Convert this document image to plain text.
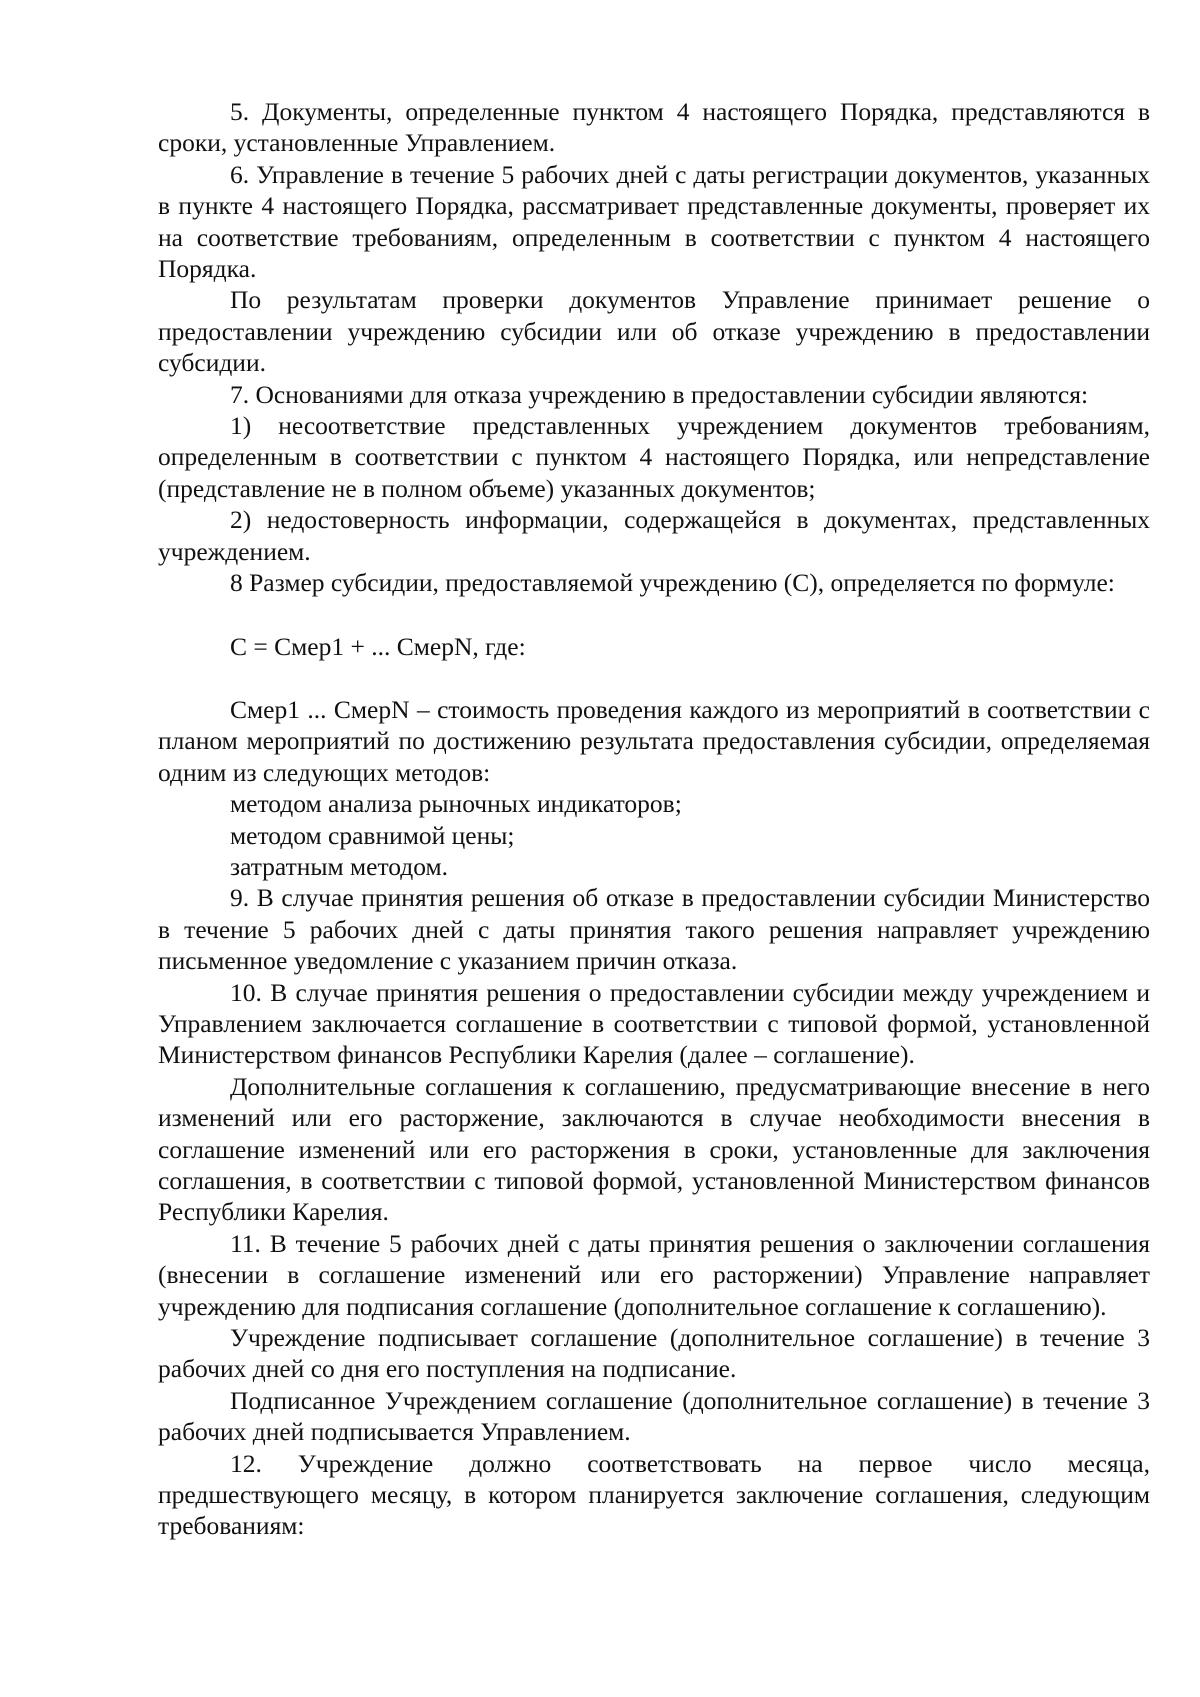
5. Документы, определенные пунктом 4 настоящего Порядка, представляются в сроки, установленные Управлением.

6. Управление в течение 5 рабочих дней с даты регистрации документов, указанных в пункте 4 настоящего Порядка, рассматривает представленные документы, проверяет их на соответствие требованиям, определенным в соответствии с пунктом 4 настоящего Порядка.

По результатам проверки документов Управление принимает решение о предоставлении учреждению субсидии или об отказе учреждению в предоставлении субсидии.

7. Основаниями для отказа учреждению в предоставлении субсидии являются:

1) несоответствие представленных учреждением документов требованиям, определенным в соответствии с пунктом 4 настоящего Порядка, или непредставление (представление не в полном объеме) указанных документов;

2) недостоверность информации, содержащейся в документах, представленных учреждением.

8 Размер субсидии, предоставляемой учреждению (С), определяется по формуле:

С = Смер1 + ... СмерN, где:

Смер1 ... СмерN – стоимость проведения каждого из мероприятий в соответствии с планом мероприятий по достижению результата предоставления субсидии, определяемая одним из следующих методов:

методом анализа рыночных индикаторов;

методом сравнимой цены;

затратным методом.

9. В случае принятия решения об отказе в предоставлении субсидии Министерство в течение 5 рабочих дней с даты принятия такого решения направляет учреждению письменное уведомление с указанием причин отказа.

10. В случае принятия решения о предоставлении субсидии между учреждением и Управлением заключается соглашение в соответствии с типовой формой, установленной Министерством финансов Республики Карелия (далее – соглашение).

Дополнительные соглашения к соглашению, предусматривающие внесение в него изменений или его расторжение, заключаются в случае необходимости внесения в соглашение изменений или его расторжения в сроки, установленные для заключения соглашения, в соответствии с типовой формой, установленной Министерством финансов Республики Карелия.

11. В течение 5 рабочих дней с даты принятия решения о заключении соглашения (внесении в соглашение изменений или его расторжении) Управление направляет учреждению для подписания соглашение (дополнительное соглашение к соглашению).

Учреждение подписывает соглашение (дополнительное соглашение) в течение 3 рабочих дней со дня его поступления на подписание.

Подписанное Учреждением соглашение (дополнительное соглашение) в течение 3 рабочих дней подписывается Управлением.

12. Учреждение должно соответствовать на первое число месяца, предшествующего месяцу, в котором планируется заключение соглашения, следующим требованиям:
